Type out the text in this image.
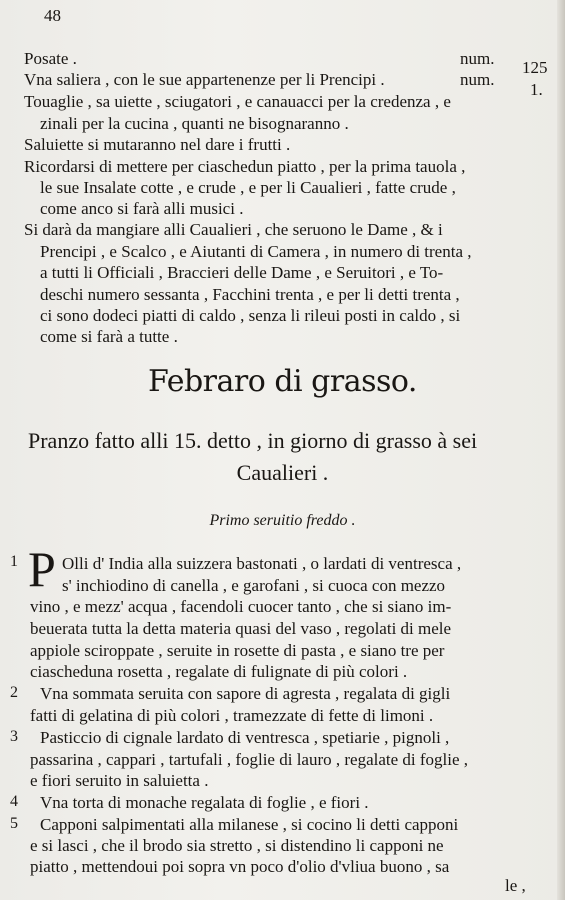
48
Posate .	num. 125
Vna saliera , con le sue appartenenze per li Prencipi .	num.
1.
Touaglie , sa uiette , sciugatori , e canauacci per la credenza , e
zinali per la cucina , quanti ne bisognaranno .
Saluiette si mutaranno nel dare i frutti .
Ricordarsi di mettere per ciaschedun piatto , per la prima tauola ,
le sue Insalate cotte , e crude , e per li Caualieri , fatte crude ,
come anco si farà alli musici .
Si darà da mangiare alli Caualieri , che seruono le Dame , & i
Prencipi , e Scalco , e Aiutanti di Camera , in numero di trenta ,
a tutti li Officiali , Braccieri delle Dame , e Seruitori , e To-
deschi numero sessanta , Facchini trenta , e per li detti trenta ,
ci sono dodeci piatti di caldo , senza li rileui posti in caldo , si
come si farà a tutte .
Febraro di grasso.
Pranzo fatto alli 15. detto , in giorno di grasso à sei
Caualieri .
Primo seruitio freddo .
1 P Olli d' India alla suizzera bastonati , o lardati di ventresca ,
s' inchiodino di canella , e garofani , si cuoca con mezzo
vino , e mezz' acqua , facendoli cuocer tanto , che si siano im-
beuerata tutta la detta materia quasi del vaso , regolati di mele
appiole sciroppate , seruite in rosette di pasta , e siano tre per
ciascheduna rosetta , regalate di fulignate di più colori .
2 Vna sommata seruita con sapore di agresta , regalata di gigli
fatti di gelatina di più colori , tramezzate di fette di limoni .
3 Pasticcio di cignale lardato di ventresca , spetiarie , pignoli ,
passarina , cappari , tartufali , foglie di lauro , regalate di foglie ,
e fiori seruito in saluietta .
4 Vna torta di monache regalata di foglie , e fiori .
5 Capponi salpimentati alla milanese , si cocino li detti capponi
e si lasci , che il brodo sia stretto , si distendino li capponi ne
piatto , mettendoui poi sopra vn poco d'olio d'vliua buono , sa
le ,
